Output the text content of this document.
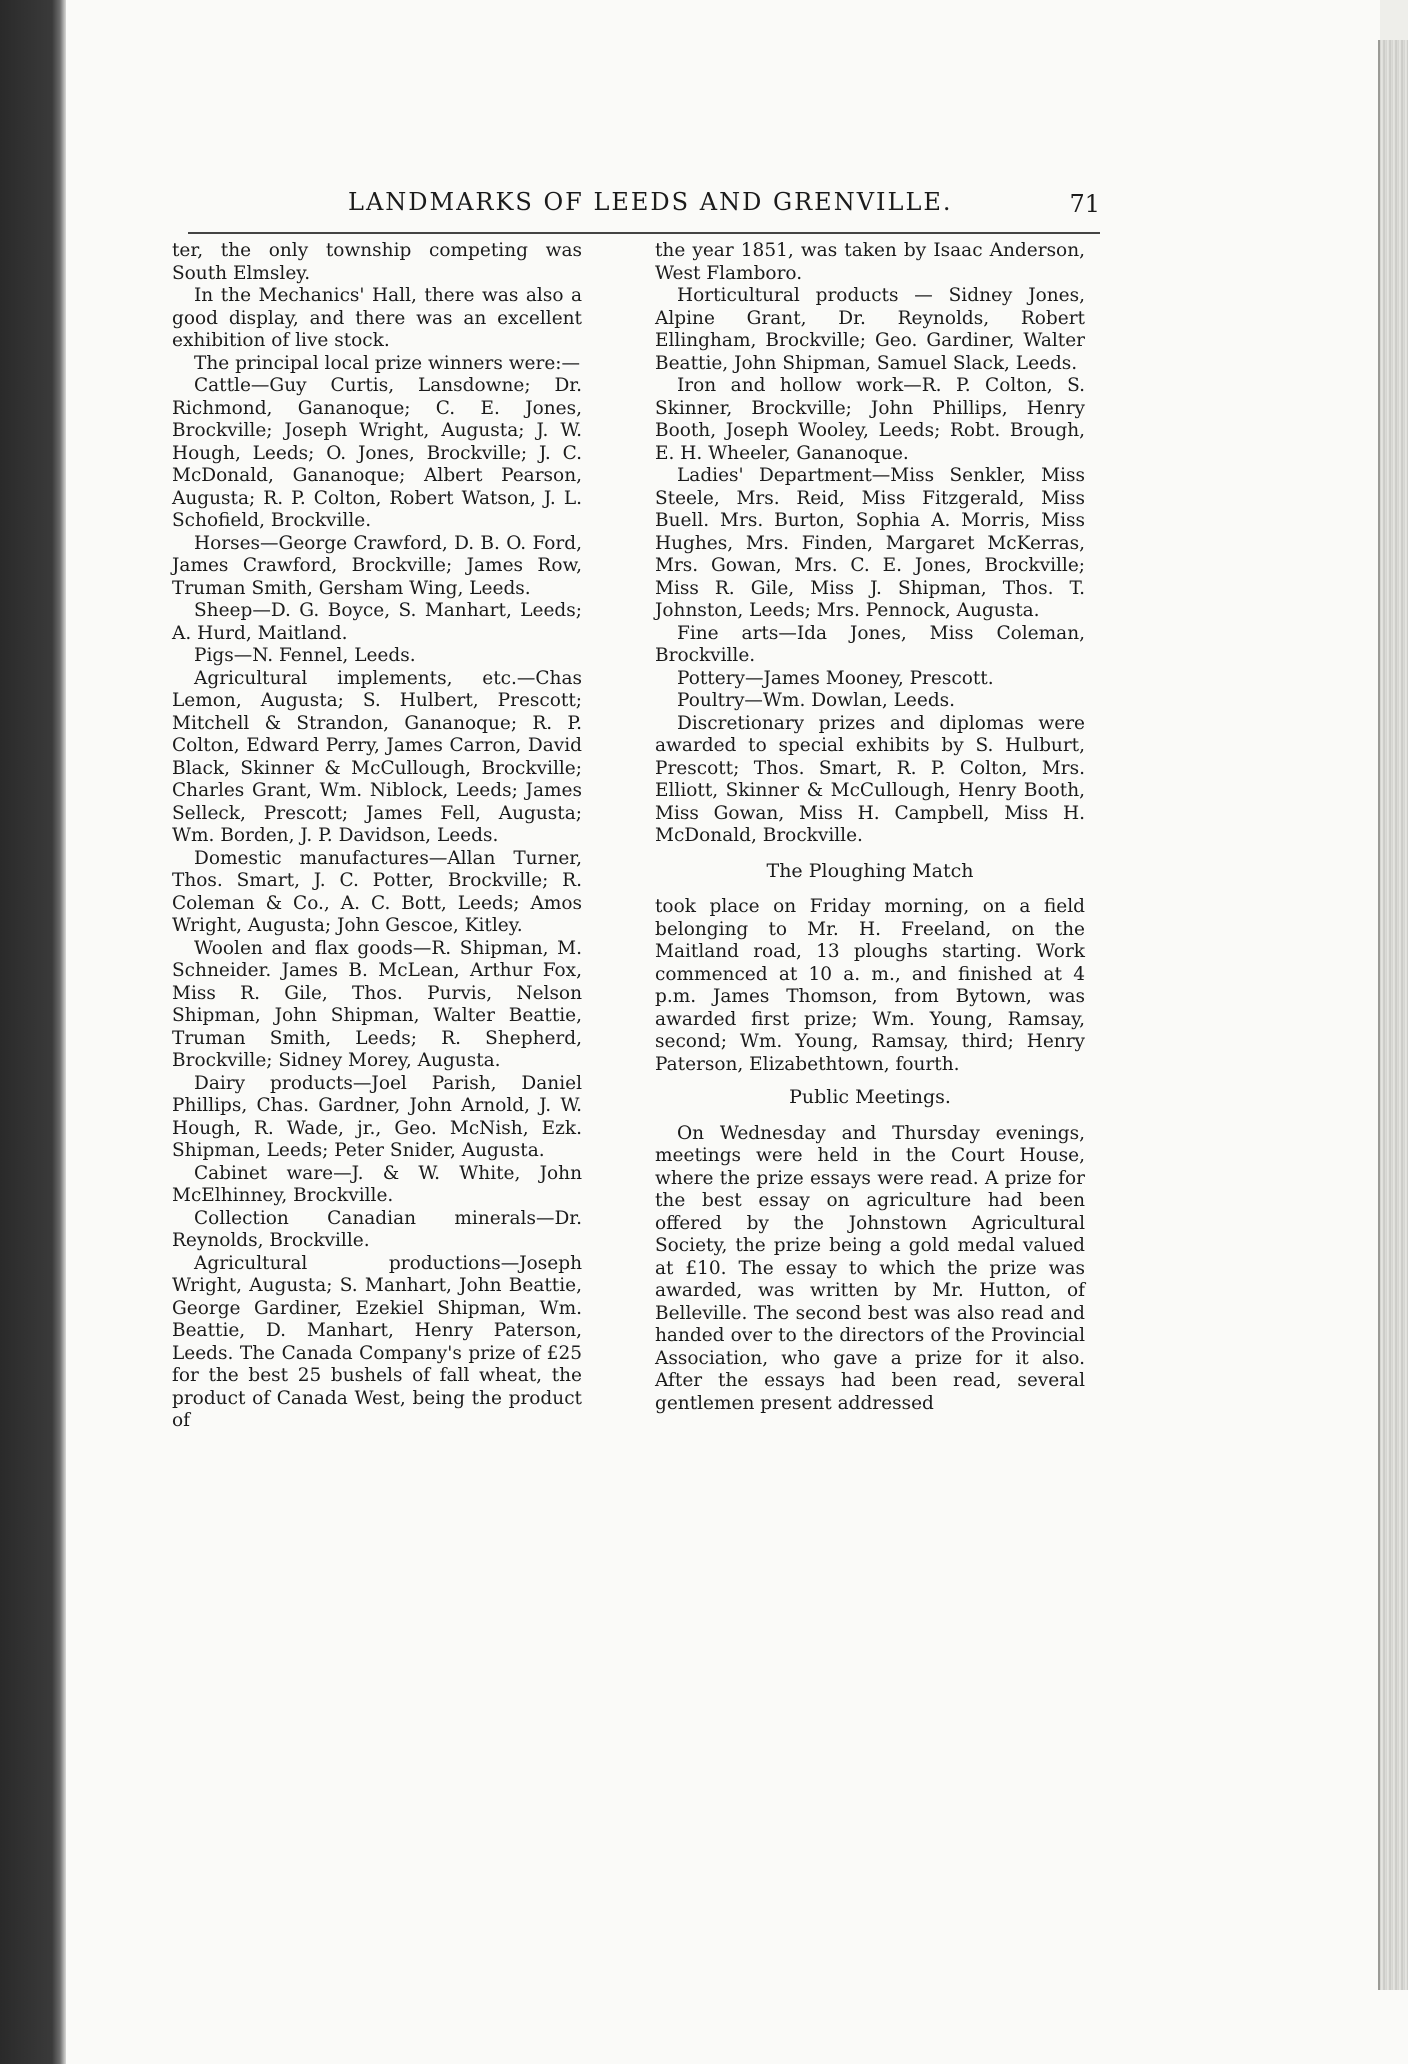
LANDMARKS OF LEEDS AND GRENVILLE.	71

ter, the only township competing was South Elmsley.

In the Mechanics' Hall, there was also a good display, and there was an excellent exhibition of live stock.

The principal local prize winners were:—

Cattle—Guy Curtis, Lansdowne; Dr. Richmond, Gananoque; C. E. Jones, Brockville; Joseph Wright, Augusta; J. W. Hough, Leeds; O. Jones, Brockville; J. C. McDonald, Gananoque; Albert Pearson, Augusta; R. P. Colton, Robert Watson, J. L. Schofield, Brockville.

Horses—George Crawford, D. B. O. Ford, James Crawford, Brockville; James Row, Truman Smith, Gersham Wing, Leeds.

Sheep—D. G. Boyce, S. Manhart, Leeds; A. Hurd, Maitland.

Pigs—N. Fennel, Leeds.

Agricultural implements, etc.—Chas Lemon, Augusta; S. Hulbert, Prescott; Mitchell & Strandon, Gananoque; R. P. Colton, Edward Perry, James Carron, David Black, Skinner & McCullough, Brockville; Charles Grant, Wm. Niblock, Leeds; James Selleck, Prescott; James Fell, Augusta; Wm. Borden, J. P. Davidson, Leeds.

Domestic manufactures—Allan Turner, Thos. Smart, J. C. Potter, Brockville; R. Coleman & Co., A. C. Bott, Leeds; Amos Wright, Augusta; John Gescoe, Kitley.

Woolen and flax goods—R. Shipman, M. Schneider. James B. McLean, Arthur Fox, Miss R. Gile, Thos. Purvis, Nelson Shipman, John Shipman, Walter Beattie, Truman Smith, Leeds; R. Shepherd, Brockville; Sidney Morey, Augusta.

Dairy products—Joel Parish, Daniel Phillips, Chas. Gardner, John Arnold, J. W. Hough, R. Wade, jr., Geo. McNish, Ezk. Shipman, Leeds; Peter Snider, Augusta.

Cabinet ware—J. & W. White, John McElhinney, Brockville.

Collection Canadian minerals—Dr. Reynolds, Brockville.

Agricultural productions—Joseph Wright, Augusta; S. Manhart, John Beattie, George Gardiner, Ezekiel Shipman, Wm. Beattie, D. Manhart, Henry Paterson, Leeds. The Canada Company's prize of £25 for the best 25 bushels of fall wheat, the product of Canada West, being the product of

the year 1851, was taken by Isaac Anderson, West Flamboro.

Horticultural products — Sidney Jones, Alpine Grant, Dr. Reynolds, Robert Ellingham, Brockville; Geo. Gardiner, Walter Beattie, John Shipman, Samuel Slack, Leeds.

Iron and hollow work—R. P. Colton, S. Skinner, Brockville; John Phillips, Henry Booth, Joseph Wooley, Leeds; Robt. Brough, E. H. Wheeler, Gananoque.

Ladies' Department—Miss Senkler, Miss Steele, Mrs. Reid, Miss Fitzgerald, Miss Buell. Mrs. Burton, Sophia A. Morris, Miss Hughes, Mrs. Finden, Margaret McKerras, Mrs. Gowan, Mrs. C. E. Jones, Brockville; Miss R. Gile, Miss J. Shipman, Thos. T. Johnston, Leeds; Mrs. Pennock, Augusta.

Fine arts—Ida Jones, Miss Coleman, Brockville.

Pottery—James Mooney, Prescott.

Poultry—Wm. Dowlan, Leeds.

Discretionary prizes and diplomas were awarded to special exhibits by S. Hulburt, Prescott; Thos. Smart, R. P. Colton, Mrs. Elliott, Skinner & McCullough, Henry Booth, Miss Gowan, Miss H. Campbell, Miss H. McDonald, Brockville.

The Ploughing Match

took place on Friday morning, on a field belonging to Mr. H. Freeland, on the Maitland road, 13 ploughs starting. Work commenced at 10 a. m., and finished at 4 p.m. James Thomson, from Bytown, was awarded first prize; Wm. Young, Ramsay, second; Wm. Young, Ramsay, third; Henry Paterson, Elizabethtown, fourth.

Public Meetings.

On Wednesday and Thursday evenings, meetings were held in the Court House, where the prize essays were read. A prize for the best essay on agriculture had been offered by the Johnstown Agricultural Society, the prize being a gold medal valued at £10. The essay to which the prize was awarded, was written by Mr. Hutton, of Belleville. The second best was also read and handed over to the directors of the Provincial Association, who gave a prize for it also. After the essays had been read, several gentlemen present addressed
